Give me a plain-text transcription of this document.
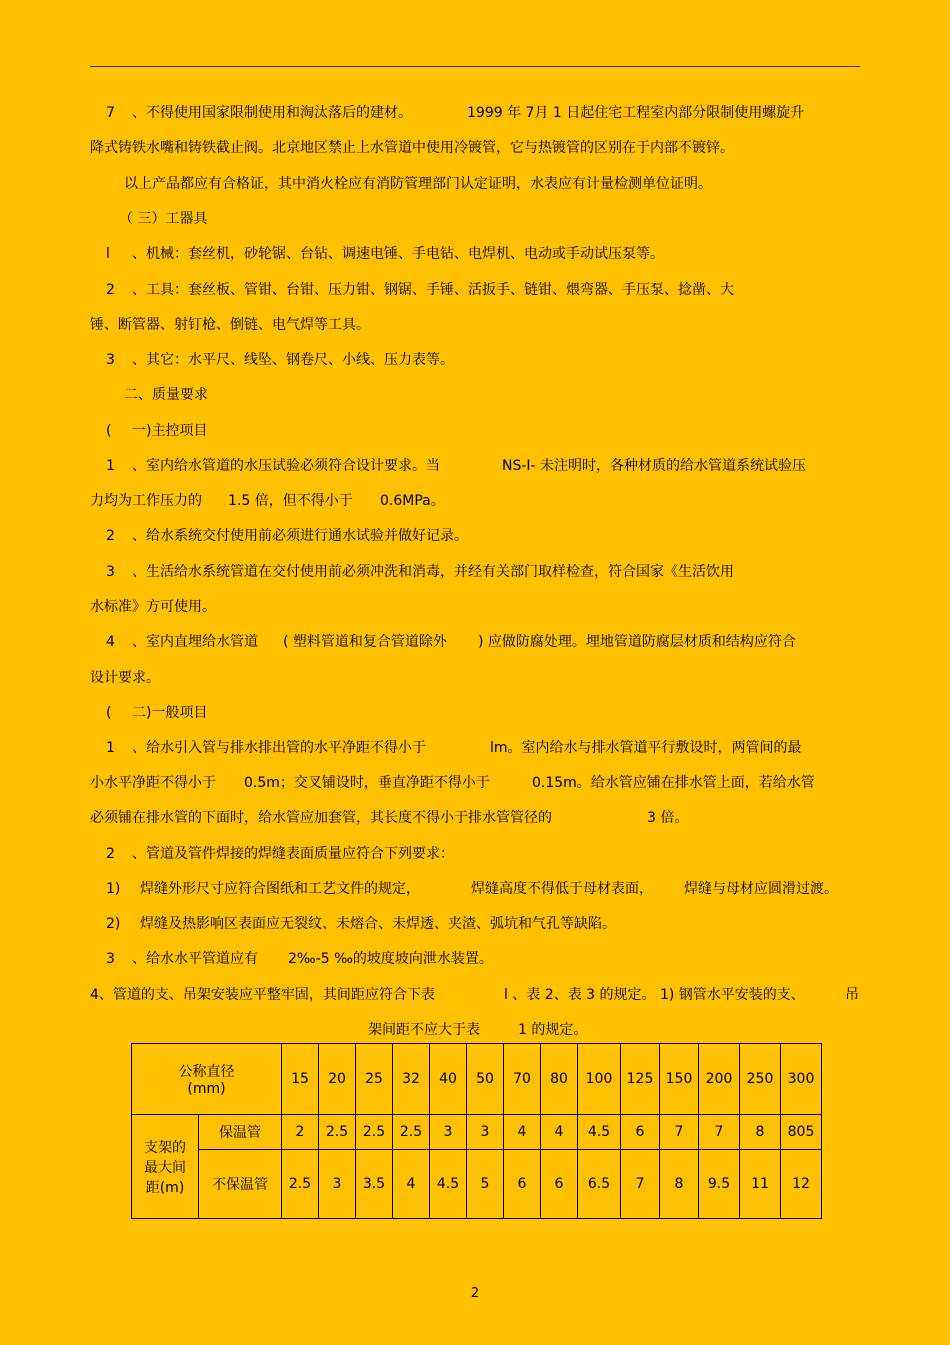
7 、不得使用国家限制使用和淘汰落后的建材。	1999 年 7月 1 日起住宅工程室内部分限制使用螺旋升
降式铸铁水嘴和铸铁截止阀。北京地区禁止上水管道中使用冷镀管，它与热镀管的区别在于内部不镀锌。
以上产品都应有合格证，其中消火栓应有消防管理部门认定证明，水表应有计量检测单位证明。
（ 三）工器具
l 、机械：套丝机，砂轮锯、台钻、调速电锤、手电钻、电焊机、电动或手动试压泵等。
2 、工具：套丝板、管钳、台钳、压力钳、钢锯、手锤、活扳手、链钳、煨弯器、手压泵、捻凿、大
锤、断管器、射钉枪、倒链、电气焊等工具。
3 、其它：水平尺、线坠、钢卷尺、小线、压力表等。
二、质量要求
( 一)主控项目
1 、室内给水管道的水压试验必须符合设计要求。当	NS-I- 未注明时，各种材质的给水管道系统试验压
力均为工作压力的 1.5 倍，但不得小于 0.6MPa。
2 、给水系统交付使用前必须进行通水试验并做好记录。
3 、生活给水系统管道在交付使用前必须冲洗和消毒，并经有关部门取样检查，符合国家《生活饮用
水标准》方可使用。
4 、室内直埋给水管道 ( 塑料管道和复合管道除外 ) 应做防腐处理。埋地管道防腐层材质和结构应符合
设计要求。
( 二)一般项目
1 、给水引入管与排水排出管的水平净距不得小于	lm。室内给水与排水管道平行敷设时，两管间的最
小水平净距不得小于 0.5m；交叉铺设时，垂直净距不得小于	0.15m。给水管应铺在排水管上面，若给水管
必须铺在排水管的下面时，给水管应加套管，其长度不得小于排水管管径的	3 倍。
2 、管道及管件焊接的焊缝表面质量应符合下列要求：
1) 焊缝外形尺寸应符合图纸和工艺文件的规定，	焊缝高度不得低于母材表面， 焊缝与母材应圆滑过渡。
2) 焊缝及热影响区表面应无裂纹、未熔合、未焊透、夹渣、弧坑和气孔等缺陷。
3 、给水水平管道应有 2‰-5 ‰的坡度坡向泄水装置。
4、管道的支、吊架安装应平整牢固，其间距应符合下表	l 、表 2、表 3 的规定。 1) 钢管水平安装的支、	吊
架间距不应大于表	1 的规定。
公称直径
(mm)		15	20	25	32	40	50	70	80	100	125	150	200	250	300

支架的
最大间
距(m)	保温管	2	2.5	2.5	2.5	3	3	4	4	4.5	6	7	7	8	805
	不保温管	2.5	3	3.5	4	4.5	5	6	6	6.5	7	8	9.5	11	12
2
